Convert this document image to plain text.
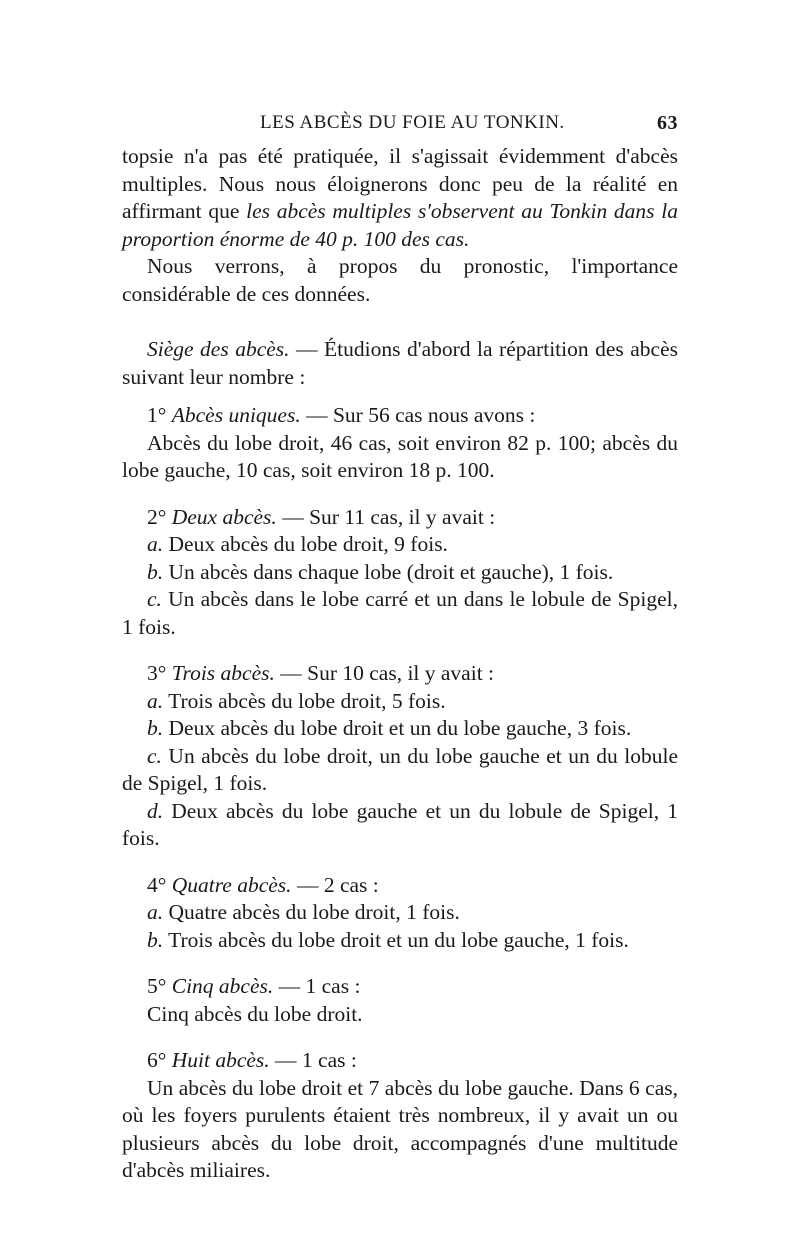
LES ABCÈS DU FOIE AU TONKIN.	63

topsie n'a pas été pratiquée, il s'agissait évidemment d'abcès multiples. Nous nous éloignerons donc peu de la réalité en affirmant que les abcès multiples s'observent au Tonkin dans la proportion énorme de 40 p. 100 des cas.

Nous verrons, à propos du pronostic, l'importance considérable de ces données.

Siège des abcès. — Étudions d'abord la répartition des abcès suivant leur nombre :

1° Abcès uniques. — Sur 56 cas nous avons :

Abcès du lobe droit, 46 cas, soit environ 82 p. 100; abcès du lobe gauche, 10 cas, soit environ 18 p. 100.

2° Deux abcès. — Sur 11 cas, il y avait :

a. Deux abcès du lobe droit, 9 fois.

b. Un abcès dans chaque lobe (droit et gauche), 1 fois.

c. Un abcès dans le lobe carré et un dans le lobule de Spigel, 1 fois.

3° Trois abcès. — Sur 10 cas, il y avait :

a. Trois abcès du lobe droit, 5 fois.

b. Deux abcès du lobe droit et un du lobe gauche, 3 fois.

c. Un abcès du lobe droit, un du lobe gauche et un du lobule de Spigel, 1 fois.

d. Deux abcès du lobe gauche et un du lobule de Spigel, 1 fois.

4° Quatre abcès. — 2 cas :

a. Quatre abcès du lobe droit, 1 fois.

b. Trois abcès du lobe droit et un du lobe gauche, 1 fois.

5° Cinq abcès. — 1 cas :

Cinq abcès du lobe droit.

6° Huit abcès. — 1 cas :

Un abcès du lobe droit et 7 abcès du lobe gauche. Dans 6 cas, où les foyers purulents étaient très nombreux, il y avait un ou plusieurs abcès du lobe droit, accompagnés d'une multitude d'abcès miliaires.
